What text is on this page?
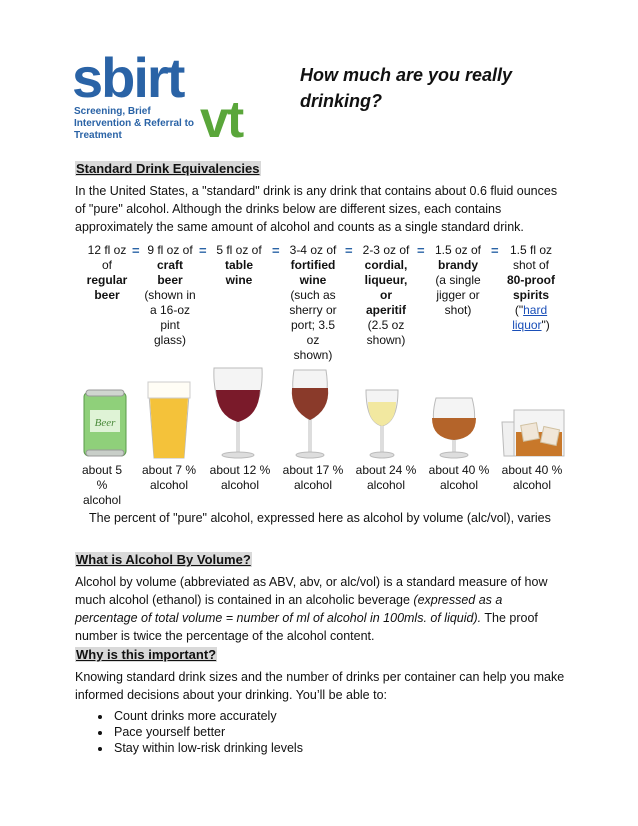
sbirt
vt
Screening, Brief Intervention & Referral to Treatment
How much are you really drinking?
Standard Drink Equivalencies
In the United States, a "standard" drink is any drink that contains about 0.6 fluid ounces of "pure" alcohol. Although the drinks below are different sizes, each contains approximately the same amount of alcohol and counts as a single standard drink.
12 fl oz
of
regular beer
= 9 fl oz of
craft beer
(shown in a 16-oz pint glass)
= 5 fl oz of
table wine
= 3-4 oz of
fortified wine
(such as sherry or port; 3.5 oz shown)
= 2-3 oz of
cordial, liqueur, or aperitif
(2.5 oz shown)
= 1.5 oz of
brandy
(a single jigger or shot)
= 1.5 fl oz
shot of
80-proof spirits
("hard liquor")
Beer
about 5 % alcohol
about 7 % alcohol
about 12 % alcohol
about 17 % alcohol
about 24 % alcohol
about 40 % alcohol
about 40 % alcohol
The percent of "pure" alcohol, expressed here as alcohol by volume (alc/vol), varies
What is Alcohol By Volume?
Alcohol by volume (abbreviated as ABV, abv, or alc/vol) is a standard measure of how much alcohol (ethanol) is contained in an alcoholic beverage (expressed as a percentage of total volume = number of ml of alcohol in 100mls. of liquid). The proof number is twice the percentage of the alcohol content.
Why is this important?
Knowing standard drink sizes and the number of drinks per container can help you make informed decisions about your drinking. You’ll be able to:
• Count drinks more accurately
• Pace yourself better
• Stay within low-risk drinking levels
